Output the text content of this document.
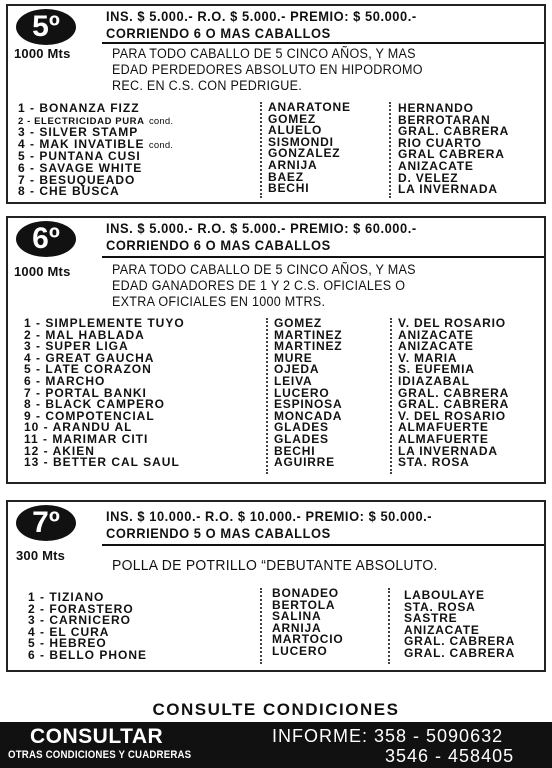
5º
1000 Mts
INS. $ 5.000.- R.O. $ 5.000.- PREMIO: $ 50.000.-
CORRIENDO 6 O MAS CABALLOS
PARA TODO CABALLO DE 5 CINCO AÑOS, Y MAS
EDAD PERDEDORES ABSOLUTO EN HIPODROMO
REC. EN C.S. CON PEDRIGUE.
1 - BONANZA FIZZ
2 - ELECTRICIDAD PURA cond.
3 - SILVER STAMP
4 - MAK INVATIBLE cond.
5 - PUNTANA CUSI
6 - SAVAGE WHITE
7 - BESUQUEADO
8 - CHE BUSCA
ANARATONE
GOMEZ
ALUELO
SISMONDI
GONZALEZ
ARNIJA
BAEZ
BECHI
HERNANDO
BERROTARAN
GRAL. CABRERA
RIO CUARTO
GRAL CABRERA
ANIZACATE
D. VELEZ
LA INVERNADA
6º
1000 Mts
INS. $ 5.000.- R.O. $ 5.000.- PREMIO: $ 60.000.-
CORRIENDO 6 O MAS CABALLOS
PARA TODO CABALLO DE 5 CINCO AÑOS, Y MAS
EDAD GANADORES DE 1 Y 2 C.S. OFICIALES O
EXTRA OFICIALES EN 1000 MTRS.
1 - SIMPLEMENTE TUYO
2 - MAL HABLADA
3 - SUPER LIGA
4 - GREAT GAUCHA
5 - LATE CORAZON
6 - MARCHO
7 - PORTAL BANKI
8 - BLACK CAMPERO
9 - COMPOTENCIAL
10 - ARANDU AL
11 - MARIMAR CITI
12 - AKIEN
13 - BETTER CAL SAUL
GOMEZ
MARTINEZ
MARTINEZ
MURE
OJEDA
LEIVA
LUCERO
ESPINOSA
MONCADA
GLADES
GLADES
BECHI
AGUIRRE
V. DEL ROSARIO
ANIZACATE
ANIZACATE
V. MARIA
S. EUFEMIA
IDIAZABAL
GRAL. CABRERA
GRAL. CABRERA
V. DEL ROSARIO
ALMAFUERTE
ALMAFUERTE
LA INVERNADA
STA. ROSA
7º
300 Mts
INS. $ 10.000.- R.O. $ 10.000.- PREMIO: $ 50.000.-
CORRIENDO 5 O MAS CABALLOS
POLLA DE POTRILLO “DEBUTANTE ABSOLUTO.
1 - TIZIANO
2 - FORASTERO
3 - CARNICERO
4 - EL CURA
5 - HEBREO
6 - BELLO PHONE
BONADEO
BERTOLA
SALINA
ARNIJA
MARTOCIO
LUCERO
LABOULAYE
STA. ROSA
SASTRE
ANIZACATE
GRAL. CABRERA
GRAL. CABRERA
CONSULTE CONDICIONES
CONSULTAR
OTRAS CONDICIONES Y CUADRERAS
INFORME: 358 - 5090632
3546 - 458405
